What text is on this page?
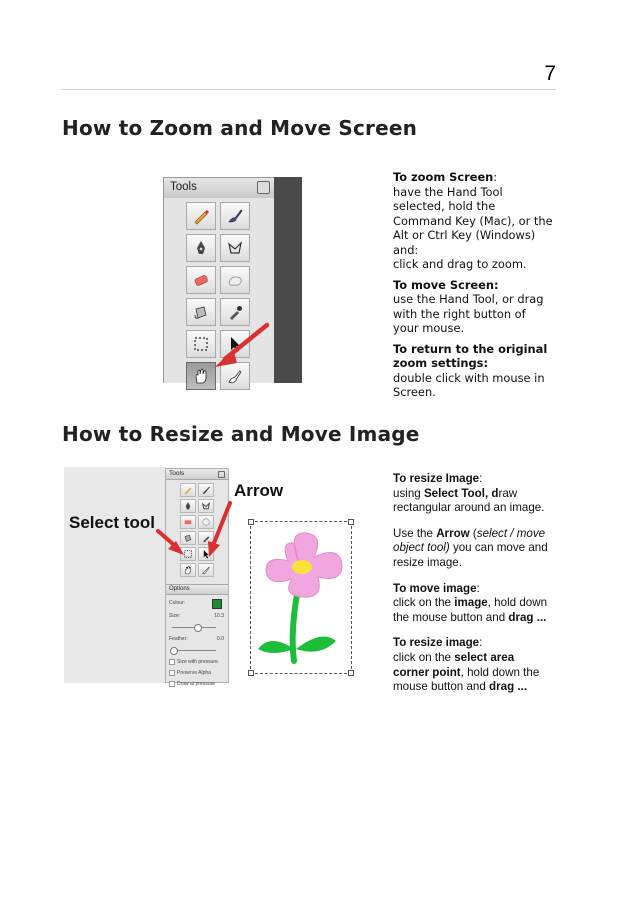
7
How to Zoom and Move Screen
Tools

To zoom Screen:
have the Hand Tool
selected, hold the
Command Key (Mac), or the
Alt or Ctrl Key (Windows)
and:
click and drag to zoom.

To move Screen:
use the Hand Tool, or drag
with the right button of
your mouse.

To return to the original
zoom settings:
double click with mouse in
Screen.

How to Resize and Move Image
Select tool
Tools
Options
Colour:
Size:	10.3
Feather:	0.0
Size with pressure
Preserve Alpha
Draw at pressure
Arrow

To resize Image:
using Select Tool, draw
rectangular around an image.

Use the Arrow (select / move
object tool) you can move and
resize image.

To move image:
click on the image, hold down
the mouse button and drag ...

To resize image:
click on the select area
corner point, hold down the
mouse button and drag ...
